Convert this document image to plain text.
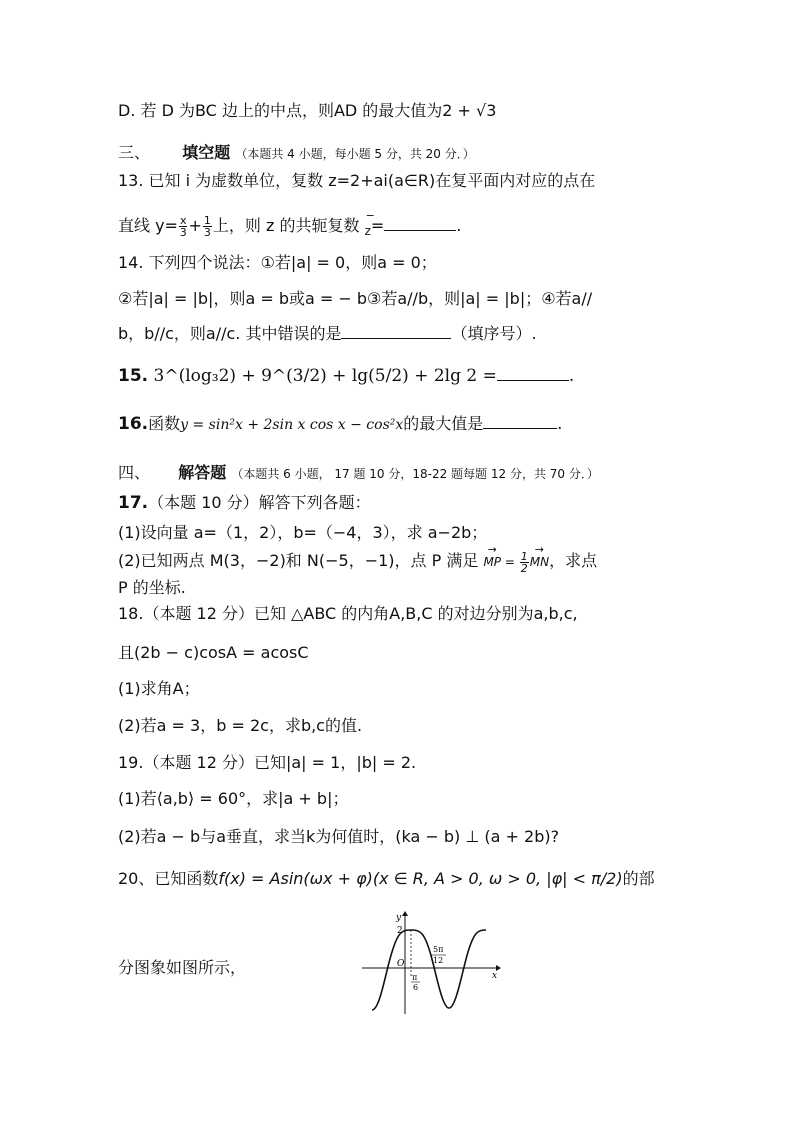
D. 若 D 为BC 边上的中点，则AD 的最大值为2 + √3
三、 填空题 （本题共 4 小题，每小题 5 分，共 20 分．）
13. 已知 i 为虚数单位，复数 z=2+ai(a∈R)在复平面内对应的点在
直线 $y= \frac{x}{3} + \frac{1}{3}$ 上，则 z 的共轭复数
−
$_z$=	.
14. 下列四个说法：①若|a| = 0，则a = 0；
②若|a| = |b|，则a = b或a = − b③若a//b，则|a| = |b|；④若a//
b，b//c，则a//c. 其中错误的是	（填序号）.
15. 3^(log₃2) + 9^(3/2) + lg(5/2) + 2lg 2 =	.
16.函数y = sin²x + 2sin x cos x − cos²x的最大值是	.
四、 解答题 （本题共 6 小题， 17 题 10 分，18-22 题每题 12 分，共 70 分．）
17.（本题 10 分）解答下列各题：
(1)设向量 a=（1，2），b=（−4，3），求 a−2b；
(2)已知两点 M(3，−2)和 N(−5，−1)，点 P 满足 → MP = $\frac{1}{2}$ → MN，求点
P 的坐标.
18.（本题 12 分）已知 △ABC 的内角A,B,C 的对边分别为a,b,c,
且(2b − c)cosA = acosC
(1)求角A；
(2)若a = 3，b = 2c，求b,c的值.
19.（本题 12 分）已知|a| = 1，|b| = 2.
(1)若⟨a,b⟩ = 60°，求|a + b|；
(2)若a − b与a垂直，求当k为何值时，(ka − b) ⊥ (a + 2b)?
20、已知函数f(x) = Asin(ωx + φ)(x ∈ R, A > 0, ω > 0, |φ| < π/2)的部
分图象如图所示，
y
x
2
O
π
6
5π
12
